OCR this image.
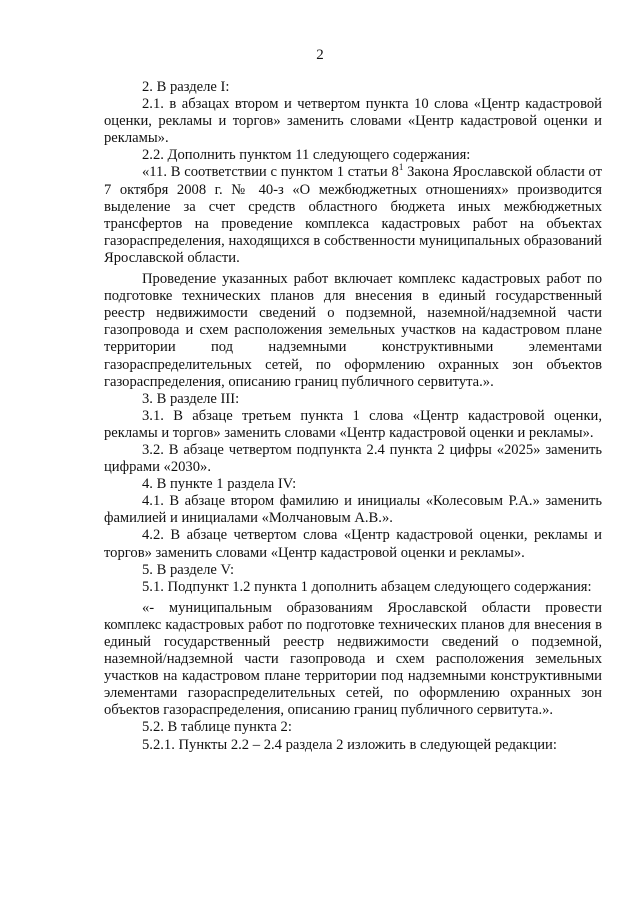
2

2. В разделе I:

2.1. в абзацах втором и четвертом пункта 10 слова «Центр кадастровой оценки, рекламы и торгов» заменить словами «Центр кадастровой оценки и рекламы».

2.2. Дополнить пунктом 11 следующего содержания:

«11. В соответствии с пунктом 1 статьи $8^1$ Закона Ярославской области от 7 октября 2008 г. № 40-з «О межбюджетных отношениях» производится выделение за счет средств областного бюджета иных межбюджетных трансфертов на проведение комплекса кадастровых работ на объектах газораспределения, находящихся в собственности муниципальных образований Ярославской области.

Проведение указанных работ включает комплекс кадастровых работ по подготовке технических планов для внесения в единый государственный реестр недвижимости сведений о подземной, наземной/надземной части газопровода и схем расположения земельных участков на кадастровом плане территории под надземными конструктивными элементами газораспределительных сетей, по оформлению охранных зон объектов газораспределения, описанию границ публичного сервитута.».

3. В разделе III:

3.1. В абзаце третьем пункта 1 слова «Центр кадастровой оценки, рекламы и торгов» заменить словами «Центр кадастровой оценки и рекламы».

3.2. В абзаце четвертом подпункта 2.4 пункта 2 цифры «2025» заменить цифрами «2030».

4. В пункте 1 раздела IV:

4.1. В абзаце втором фамилию и инициалы «Колесовым Р.А.» заменить фамилией и инициалами «Молчановым А.В.».

4.2. В абзаце четвертом слова «Центр кадастровой оценки, рекламы и торгов» заменить словами «Центр кадастровой оценки и рекламы».

5. В разделе V:

5.1. Подпункт 1.2 пункта 1 дополнить абзацем следующего содержания:

«- муниципальным образованиям Ярославской области провести комплекс кадастровых работ по подготовке технических планов для внесения в единый государственный реестр недвижимости сведений о подземной, наземной/надземной части газопровода и схем расположения земельных участков на кадастровом плане территории под надземными конструктивными элементами газораспределительных сетей, по оформлению охранных зон объектов газораспределения, описанию границ публичного сервитута.».

5.2. В таблице пункта 2:

5.2.1. Пункты 2.2 – 2.4 раздела 2 изложить в следующей редакции:
